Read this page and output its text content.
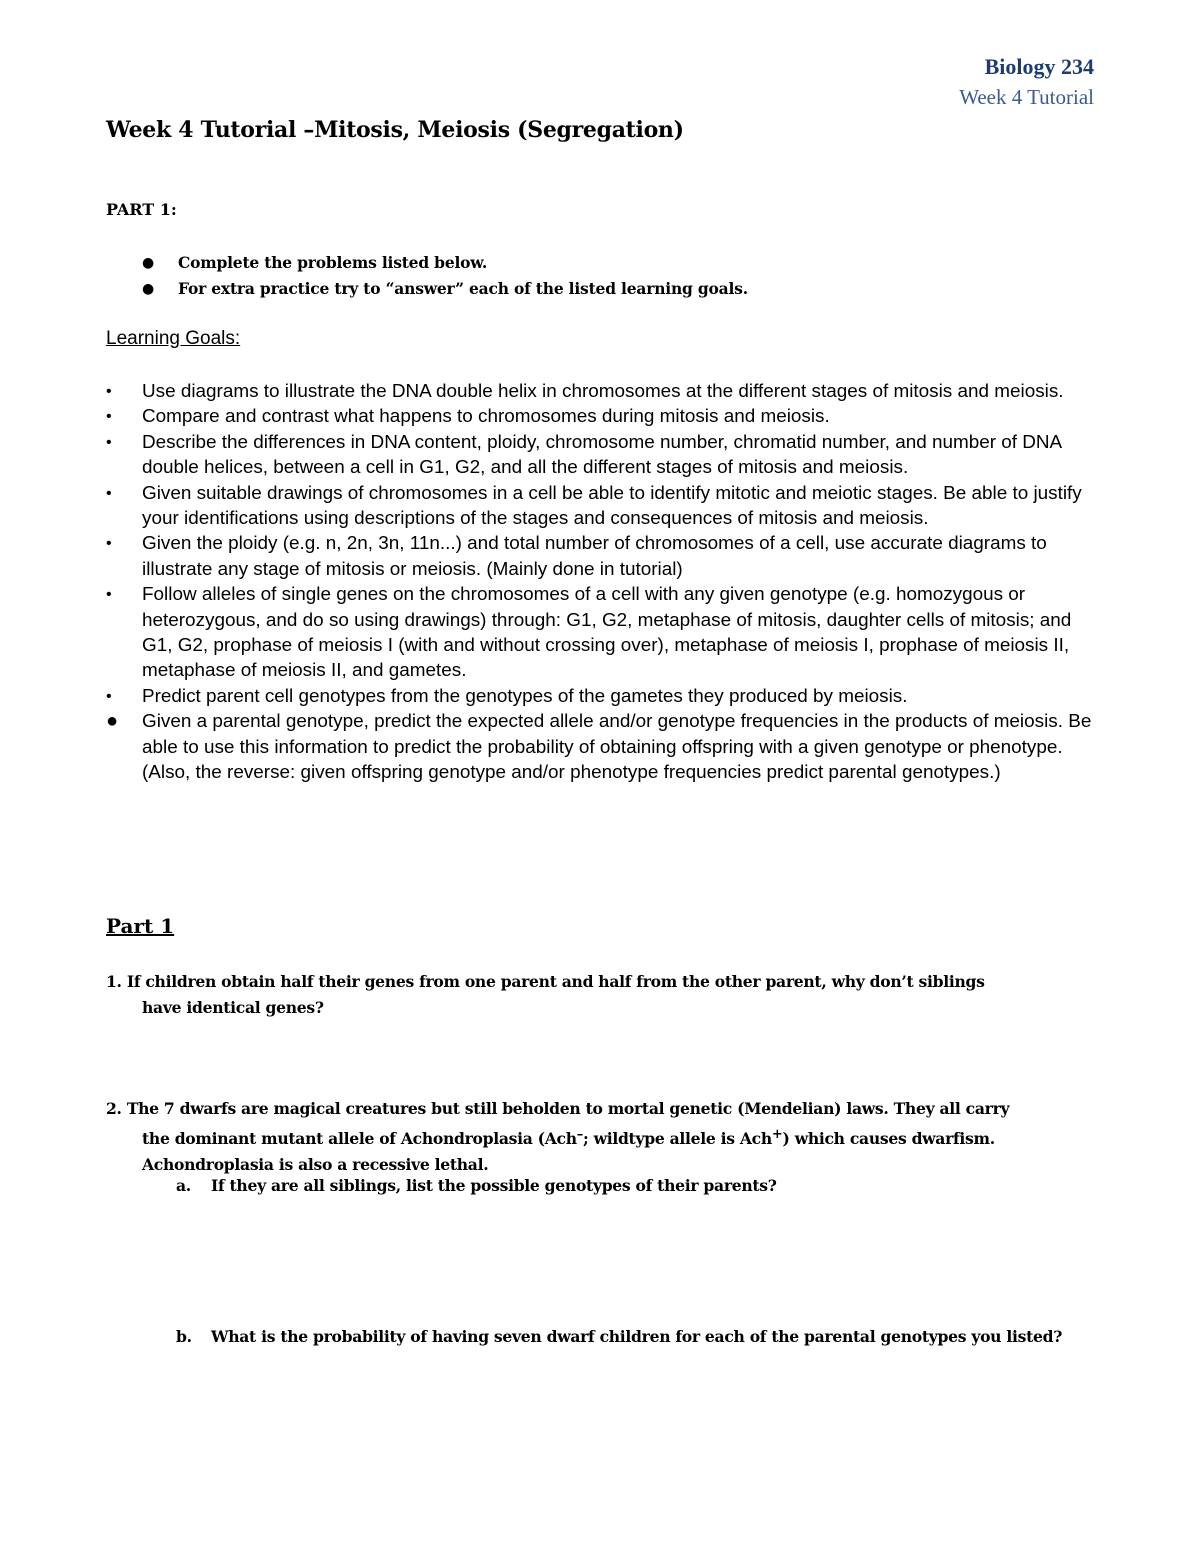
Biology 234
Week 4 Tutorial
Week 4 Tutorial –Mitosis, Meiosis (Segregation)
PART 1:
● Complete the problems listed below.
● For extra practice try to “answer” each of the listed learning goals.
Learning Goals:
•	Use diagrams to illustrate the DNA double helix in chromosomes at the different stages of mitosis and meiosis.
•	Compare and contrast what happens to chromosomes during mitosis and meiosis.
•	Describe the differences in DNA content, ploidy, chromosome number, chromatid number, and number of DNA double helices, between a cell in G1, G2, and all the different stages of mitosis and meiosis.
•	Given suitable drawings of chromosomes in a cell be able to identify mitotic and meiotic stages. Be able to justify your identifications using descriptions of the stages and consequences of mitosis and meiosis.
•	Given the ploidy (e.g. n, 2n, 3n, 11n...) and total number of chromosomes of a cell, use accurate diagrams to illustrate any stage of mitosis or meiosis. (Mainly done in tutorial)
•	Follow alleles of single genes on the chromosomes of a cell with any given genotype (e.g. homozygous or heterozygous, and do so using drawings) through: G1, G2, metaphase of mitosis, daughter cells of mitosis; and G1, G2, prophase of meiosis I (with and without crossing over), metaphase of meiosis I, prophase of meiosis II, metaphase of meiosis II, and gametes.
•	Predict parent cell genotypes from the genotypes of the gametes they produced by meiosis.
●	Given a parental genotype, predict the expected allele and/or genotype frequencies in the products of meiosis. Be able to use this information to predict the probability of obtaining offspring with a given genotype or phenotype. (Also, the reverse: given offspring genotype and/or phenotype frequencies predict parental genotypes.)
Part 1
1. If children obtain half their genes from one parent and half from the other parent, why don’t siblings
have identical genes?
2. The 7 dwarfs are magical creatures but still beholden to mortal genetic (Mendelian) laws. They all carry
the dominant mutant allele of Achondroplasia (Ach–; wildtype allele is Ach+) which causes dwarfism.
Achondroplasia is also a recessive lethal.
a.	If they are all siblings, list the possible genotypes of their parents?
b.	What is the probability of having seven dwarf children for each of the parental genotypes you listed?
